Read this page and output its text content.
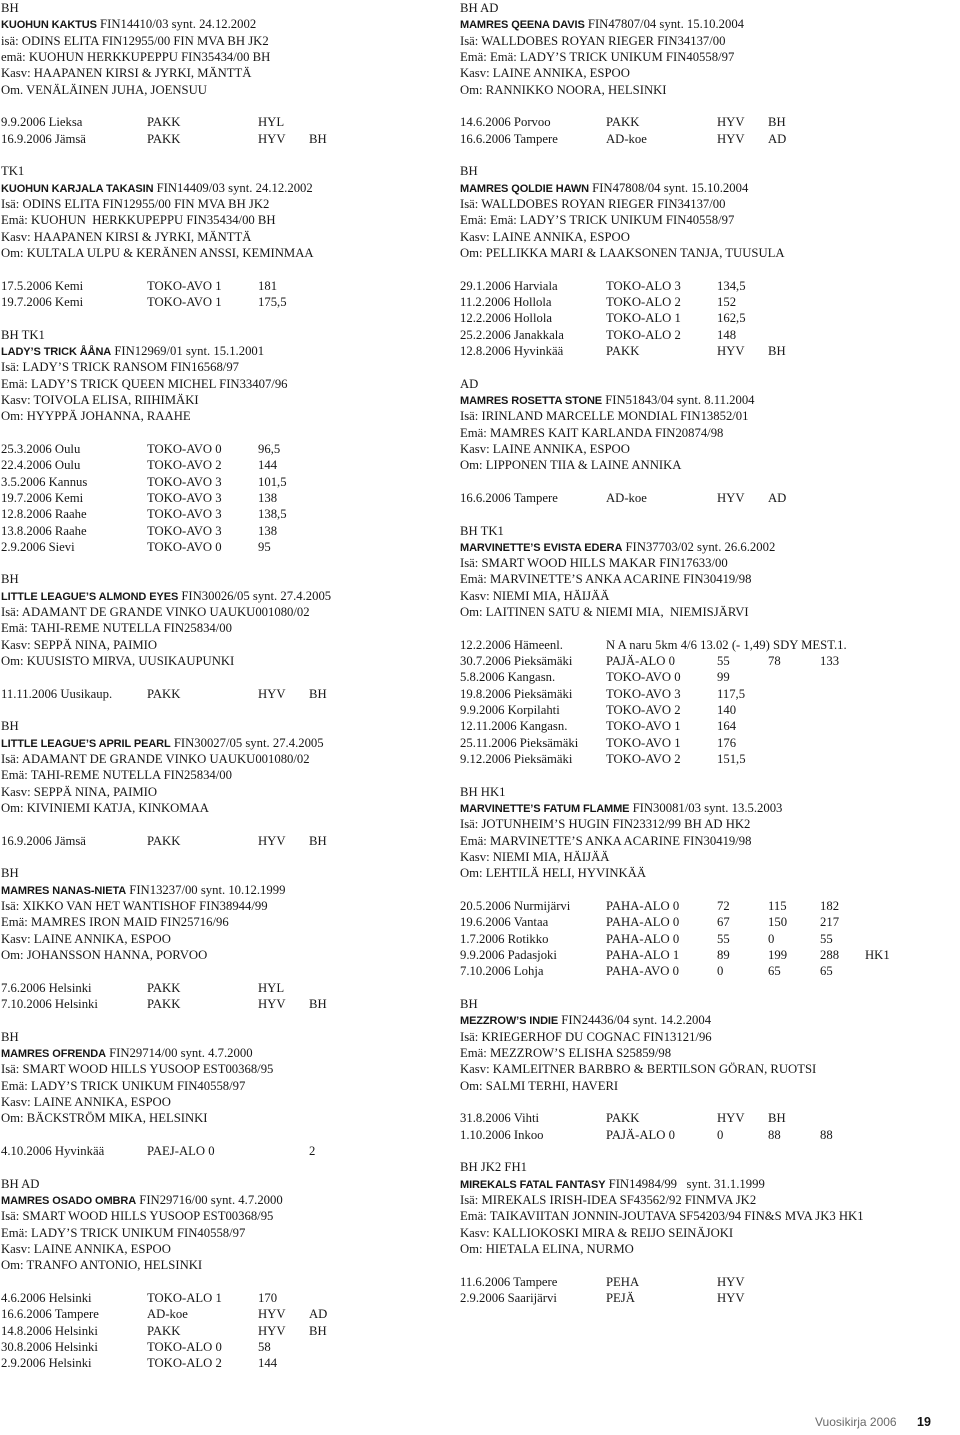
BH
KUOHUN KAKTUS FIN14410/03 synt. 24.12.2002
isä: ODINS ELITA FIN12955/00 FIN MVA BH JK2
emä: KUOHUN HERKKUPEPPU FIN35434/00 BH
Kasv: HAAPANEN KIRSI & JYRKI, MÄNTTÄ
Om. VENÄLÄINEN JUHA, JOENSUU
9.9.2006 Lieksa	PAKK	HYL
16.9.2006 Jämsä	PAKK	HYV BH
TK1
KUOHUN KARJALA TAKASIN FIN14409/03 synt. 24.12.2002
Isä: ODINS ELITA FIN12955/00 FIN MVA BH JK2
Emä: KUOHUN  HERKKUPEPPU FIN35434/00 BH
Kasv: HAAPANEN KIRSI & JYRKI, MÄNTTÄ
Om: KULTALA ULPU & KERÄNEN ANSSI, KEMINMAA
17.5.2006 Kemi	TOKO-AVO 1	181
19.7.2006 Kemi	TOKO-AVO 1	175,5
BH TK1
LADY’S TRICK ÅÅNA FIN12969/01 synt. 15.1.2001
Isä: LADY’S TRICK RANSOM FIN16568/97
Emä: LADY’S TRICK QUEEN MICHEL FIN33407/96
Kasv: TOIVOLA ELISA, RIIHIMÄKI
Om: HYYPPÄ JOHANNA, RAAHE
25.3.2006 Oulu	TOKO-AVO 0	96,5
22.4.2006 Oulu	TOKO-AVO 2	144
3.5.2006 Kannus	TOKO-AVO 3	101,5
19.7.2006 Kemi	TOKO-AVO 3	138
12.8.2006 Raahe	TOKO-AVO 3	138,5
13.8.2006 Raahe	TOKO-AVO 3	138
2.9.2006 Sievi	TOKO-AVO 0	95
BH
LITTLE LEAGUE’S ALMOND EYES FIN30026/05 synt. 27.4.2005
Isä: ADAMANT DE GRANDE VINKO UAUKU001080/02
Emä: TAHI-REME NUTELLA FIN25834/00
Kasv: SEPPÄ NINA, PAIMIO
Om: KUUSISTO MIRVA, UUSIKAUPUNKI
11.11.2006 Uusikaup.	PAKK	HYV BH
BH
LITTLE LEAGUE’S APRIL PEARL FIN30027/05 synt. 27.4.2005
Isä: ADAMANT DE GRANDE VINKO UAUKU001080/02
Emä: TAHI-REME NUTELLA FIN25834/00
Kasv: SEPPÄ NINA, PAIMIO
Om: KIVINIEMI KATJA, KINKOMAA
16.9.2006 Jämsä	PAKK	HYV BH
BH
MAMRES NANAS-NIETA FIN13237/00 synt. 10.12.1999
Isä: XIKKO VAN HET WANTISHOF FIN38944/99
Emä: MAMRES IRON MAID FIN25716/96
Kasv: LAINE ANNIKA, ESPOO
Om: JOHANSSON HANNA, PORVOO
7.6.2006 Helsinki	PAKK	HYL
7.10.2006 Helsinki	PAKK	HYV BH
BH
MAMRES OFRENDA FIN29714/00 synt. 4.7.2000
Isä: SMART WOOD HILLS YUSOOP EST00368/95
Emä: LADY’S TRICK UNIKUM FIN40558/97
Kasv: LAINE ANNIKA, ESPOO
Om: BÄCKSTRÖM MIKA, HELSINKI
4.10.2006 Hyvinkää	PAEJ-ALO 0	2
BH AD
MAMRES OSADO OMBRA FIN29716/00 synt. 4.7.2000
Isä: SMART WOOD HILLS YUSOOP EST00368/95
Emä: LADY’S TRICK UNIKUM FIN40558/97
Kasv: LAINE ANNIKA, ESPOO
Om: TRANFO ANTONIO, HELSINKI
4.6.2006 Helsinki	TOKO-ALO 1	170
16.6.2006 Tampere	AD-koe	HYV AD
14.8.2006 Helsinki	PAKK	HYV BH
30.8.2006 Helsinki	TOKO-ALO 0	58
2.9.2006 Helsinki	TOKO-ALO 2	144
BH AD
MAMRES QEENA DAVIS FIN47807/04 synt. 15.10.2004
Isä: WALLDOBES ROYAN RIEGER FIN34137/00
Emä: Emä: LADY’S TRICK UNIKUM FIN40558/97
Kasv: LAINE ANNIKA, ESPOO
Om: RANNIKKO NOORA, HELSINKI
14.6.2006 Porvoo	PAKK	HYV BH
16.6.2006 Tampere	AD-koe	HYV AD
BH
MAMRES QOLDIE HAWN FIN47808/04 synt. 15.10.2004
Isä: WALLDOBES ROYAN RIEGER FIN34137/00
Emä: Emä: LADY’S TRICK UNIKUM FIN40558/97
Kasv: LAINE ANNIKA, ESPOO
Om: PELLIKKA MARI & LAAKSONEN TANJA, TUUSULA
29.1.2006 Harviala	TOKO-ALO 3	134,5
11.2.2006 Hollola	TOKO-ALO 2	152
12.2.2006 Hollola	TOKO-ALO 1	162,5
25.2.2006 Janakkala	TOKO-ALO 2	148
12.8.2006 Hyvinkää	PAKK	HYV BH
AD
MAMRES ROSETTA STONE FIN51843/04 synt. 8.11.2004
Isä: IRINLAND MARCELLE MONDIAL FIN13852/01
Emä: MAMRES KAIT KARLANDA FIN20874/98
Kasv: LAINE ANNIKA, ESPOO
Om: LIPPONEN TIIA & LAINE ANNIKA
16.6.2006 Tampere	AD-koe	HYV AD
BH TK1
MARVINETTE’S EVISTA EDERA FIN37703/02 synt. 26.6.2002
Isä: SMART WOOD HILLS MAKAR FIN17633/00
Emä: MARVINETTE’S ANKA ACARINE FIN30419/98
Kasv: NIEMI MIA, HÄIJÄÄ
Om: LAITINEN SATU & NIEMI MIA,  NIEMISJÄRVI
12.2.2006 Hämeenl.	N A naru 5km 4/6 13.02 (- 1,49) SDY MEST.1.
30.7.2006 Pieksämäki	PAJÄ-ALO 0	55	78	133
5.8.2006 Kangasn.	TOKO-AVO 0	99
19.8.2006 Pieksämäki	TOKO-AVO 3	117,5
9.9.2006 Korpilahti	TOKO-AVO 2	140
12.11.2006 Kangasn.	TOKO-AVO 1	164
25.11.2006 Pieksämäki TOKO-AVO 1	176
9.12.2006 Pieksämäki	TOKO-AVO 2	151,5
BH HK1
MARVINETTE’S FATUM FLAMME FIN30081/03 synt. 13.5.2003
Isä: JOTUNHEIM’S HUGIN FIN23312/99 BH AD HK2
Emä: MARVINETTE’S ANKA ACARINE FIN30419/98
Kasv: NIEMI MIA, HÄIJÄÄ
Om: LEHTILÄ HELI, HYVINKÄÄ
20.5.2006 Nurmijärvi	PAHA-ALO 0	72	115	182
19.6.2006 Vantaa	PAHA-ALO 0	67	150	217
1.7.2006 Rotikko	PAHA-ALO 0	55	0	55
9.9.2006 Padasjoki	PAHA-ALO 1	89	199	288 HK1
7.10.2006 Lohja	PAHA-AVO 0	0	65	65
BH
MEZZROW’S INDIE FIN24436/04 synt. 14.2.2004
Isä: KRIEGERHOF DU COGNAC FIN13121/96
Emä: MEZZROW’S ELISHA S25859/98
Kasv: KAMLEITNER BARBRO & BERTILSON GÖRAN, RUOTSI
Om: SALMI TERHI, HAVERI
31.8.2006 Vihti	PAKK	HYV BH
1.10.2006 Inkoo	PAJÄ-ALO 0	0	88	88
BH JK2 FH1
MIREKALS FATAL FANTASY FIN14984/99   synt. 31.1.1999
Isä: MIREKALS IRISH-IDEA SF43562/92 FINMVA JK2
Emä: TAIKAVIITAN JONNIN-JOUTAVA SF54203/94 FIN&S MVA JK3 HK1
Kasv: KALLIOKOSKI MIRA & REIJO SEINÄJOKI
Om: HIETALA ELINA, NURMO
11.6.2006 Tampere	PEHA	HYV
2.9.2006 Saarijärvi	PEJÄ	HYV
Vuosikirja 2006 19
